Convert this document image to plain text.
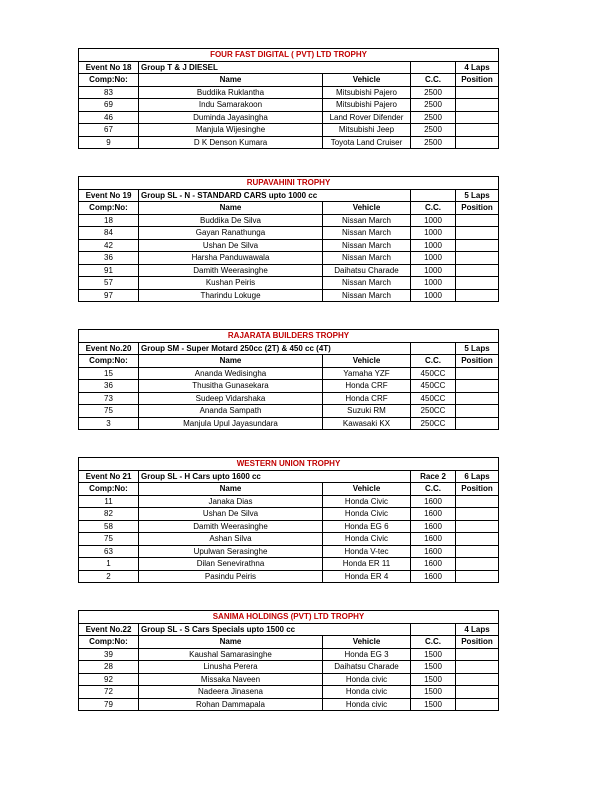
FOUR FAST DIGITAL ( PVT) LTD TROPHY				
Event No 18	Group T & J DIESEL			4 Laps
Comp:No:	Name	Vehicle	C.C.	Position
83	Buddika Ruklantha	Mitsubishi Pajero	2500	
69	Indu Samarakoon	Mitsubishi Pajero	2500	
46	Duminda Jayasingha	Land Rover Difender	2500	
67	Manjula Wijesinghe	Mitsubishi Jeep	2500	
9	D K Denson Kumara	Toyota Land Cruiser	2500	
RUPAVAHINI TROPHY				
Event No 19	Group SL - N - STANDARD CARS upto 1000 cc			5 Laps
Comp:No:	Name	Vehicle	C.C.	Position
18	Buddika De Silva	Nissan March	1000	
84	Gayan Ranathunga	Nissan March	1000	
42	Ushan De Silva	Nissan March	1000	
36	Harsha Panduwawala	Nissan March	1000	
91	Damith Weerasinghe	Daihatsu Charade	1000	
57	Kushan Peiris	Nissan March	1000	
97	Tharindu Lokuge	Nissan March	1000	
RAJARATA BUILDERS TROPHY				
Event No.20	Group SM - Super Motard 250cc (2T) & 450 cc (4T)			5 Laps
Comp:No:	Name	Vehicle	C.C.	Position
15	Ananda Wedisingha	Yamaha YZF	450CC	
36	Thusitha Gunasekara	Honda CRF	450CC	
73	Sudeep Vidarshaka	Honda CRF	450CC	
75	Ananda Sampath	Suzuki RM	250CC	
3	Manjula Upul Jayasundara	Kawasaki KX	250CC	
WESTERN UNION TROPHY				
Event No 21	Group SL - H Cars upto 1600 cc		Race 2	6 Laps
Comp:No:	Name	Vehicle	C.C.	Position
11	Janaka Dias	Honda Civic	1600	
82	Ushan De Silva	Honda Civic	1600	
58	Damith Weerasinghe	Honda EG 6	1600	
75	Ashan Silva	Honda Civic	1600	
63	Upulwan Serasinghe	Honda V-tec	1600	
1	Dilan Senevirathna	Honda ER 11	1600	
2	Pasindu Peiris	Honda ER 4	1600	
SANIMA HOLDINGS (PVT) LTD TROPHY				
Event No.22	Group SL - S Cars Specials upto 1500 cc			4 Laps
Comp:No:	Name	Vehicle	C.C.	Position
39	Kaushal Samarasinghe	Honda EG 3	1500	
28	Linusha Perera	Daihatsu Charade	1500	
92	Missaka Naveen	Honda civic	1500	
72	Nadeera Jinasena	Honda civic	1500	
79	Rohan Dammapala	Honda civic	1500	
